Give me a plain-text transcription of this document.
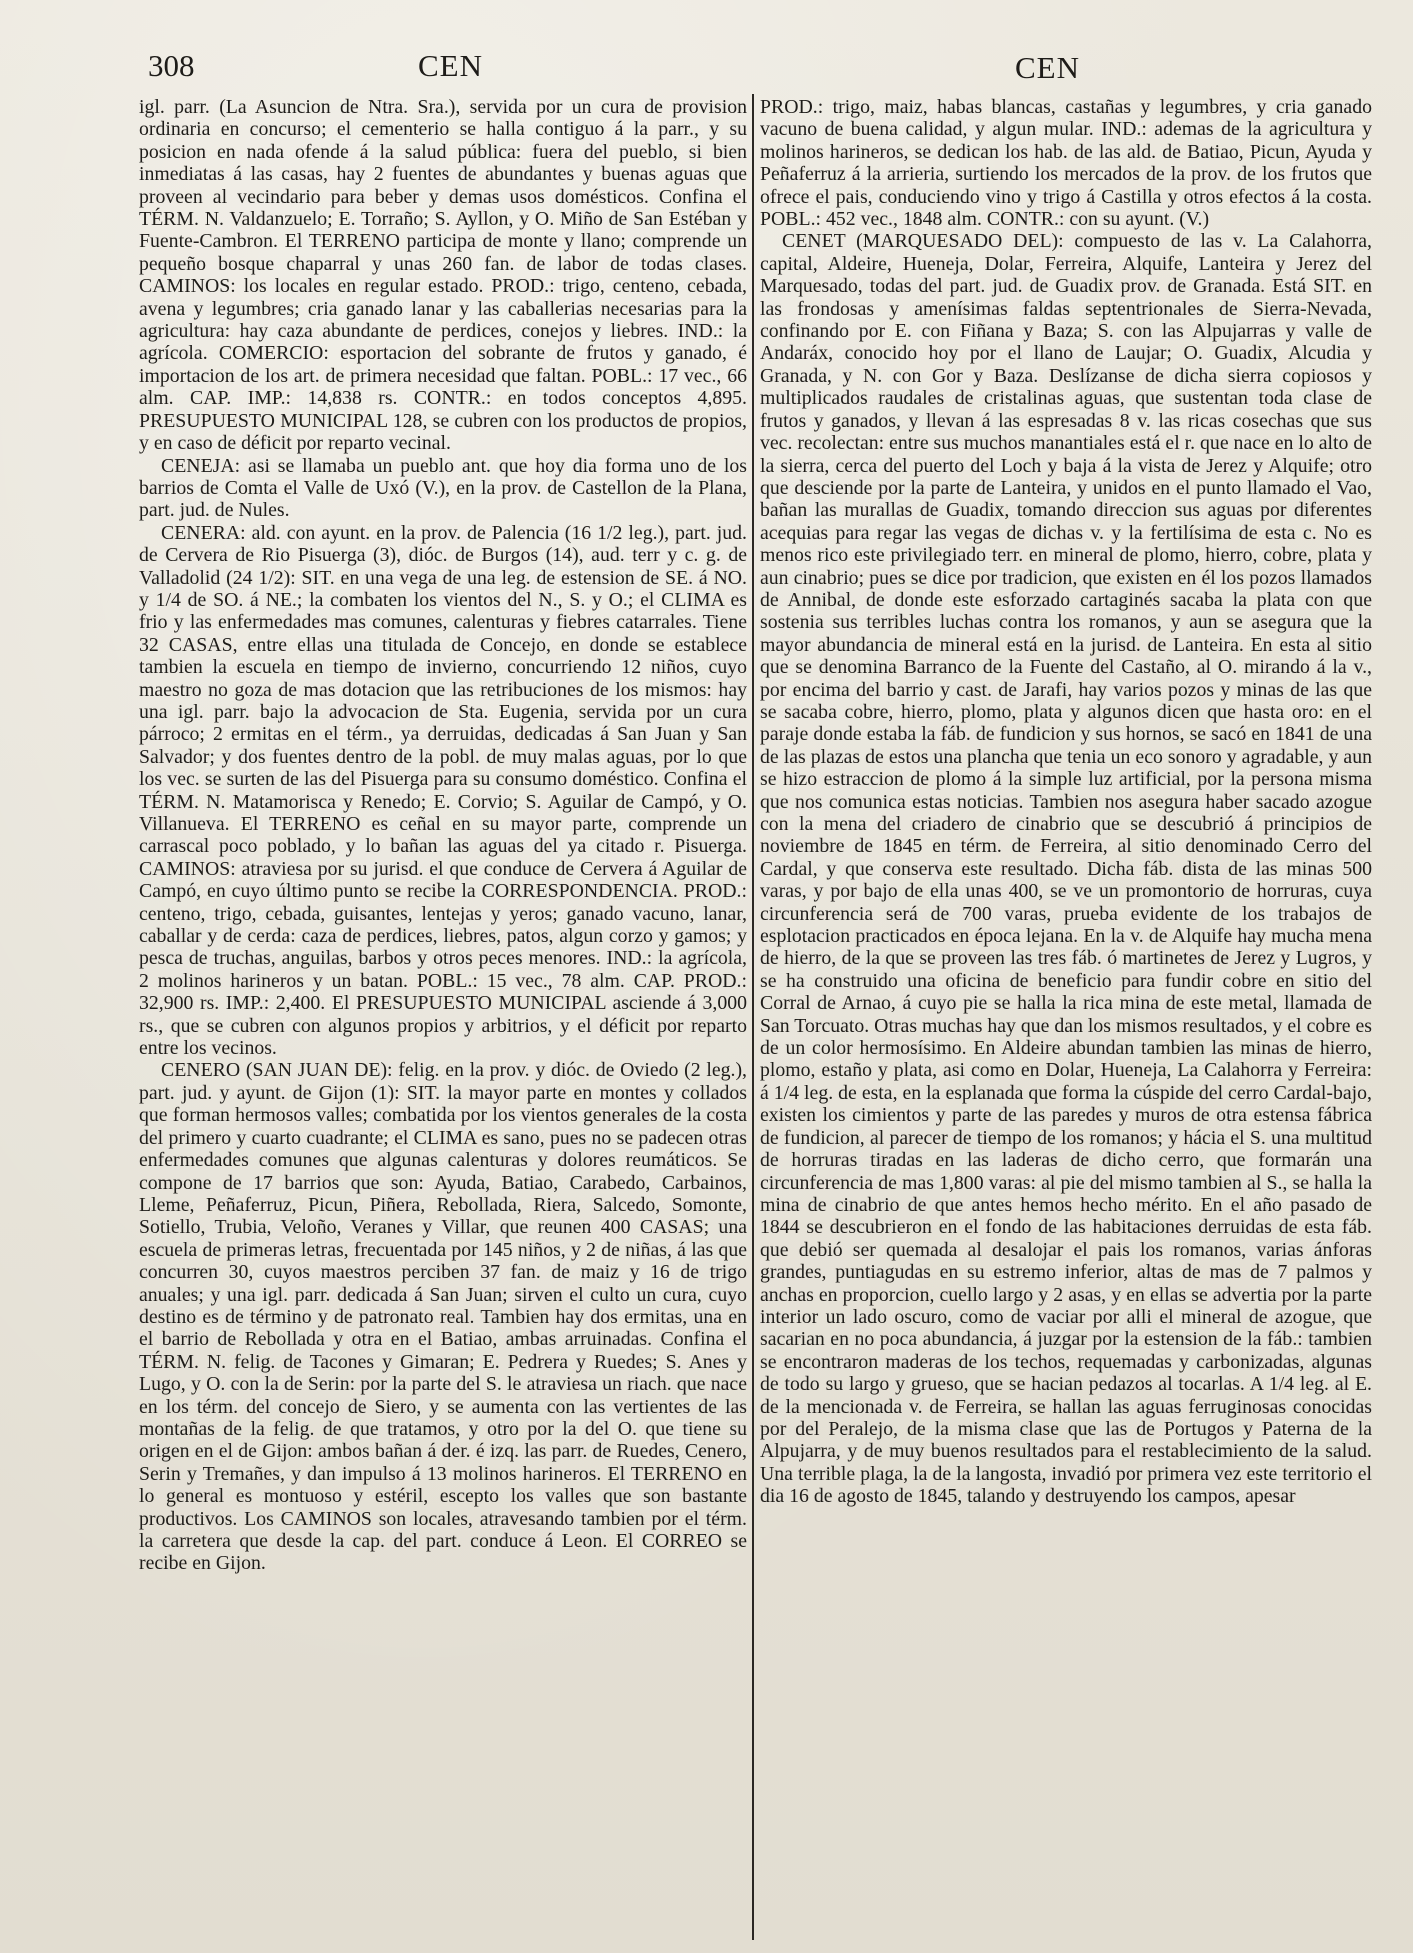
308	CEN	CEN

igl. parr. (La Asuncion de Ntra. Sra.), servida por un cura de provision ordinaria en concurso; el cementerio se halla contiguo á la parr., y su posicion en nada ofende á la salud pública: fuera del pueblo, si bien inmediatas á las casas, hay 2 fuentes de abundantes y buenas aguas que proveen al vecindario para beber y demas usos domésticos. Confina el TÉRM. N. Valdanzuelo; E. Torraño; S. Ayllon, y O. Miño de San Estéban y Fuente-Cambron. El TERRENO participa de monte y llano; comprende un pequeño bosque chaparral y unas 260 fan. de labor de todas clases. CAMINOS: los locales en regular estado. PROD.: trigo, centeno, cebada, avena y legumbres; cria ganado lanar y las caballerias necesarias para la agricultura: hay caza abundante de perdices, conejos y liebres. IND.: la agrícola. COMERCIO: esportacion del sobrante de frutos y ganado, é importacion de los art. de primera necesidad que faltan. POBL.: 17 vec., 66 alm. CAP. IMP.: 14,838 rs. CONTR.: en todos conceptos 4,895. PRESUPUESTO MUNICIPAL 128, se cubren con los productos de propios, y en caso de déficit por reparto vecinal.

CENEJA: asi se llamaba un pueblo ant. que hoy dia forma uno de los barrios de Comta el Valle de Uxó (V.), en la prov. de Castellon de la Plana, part. jud. de Nules.

CENERA: ald. con ayunt. en la prov. de Palencia (16 1/2 leg.), part. jud. de Cervera de Rio Pisuerga (3), dióc. de Burgos (14), aud. terr y c. g. de Valladolid (24 1/2): SIT. en una vega de una leg. de estension de SE. á NO. y 1/4 de SO. á NE.; la combaten los vientos del N., S. y O.; el CLIMA es frio y las enfermedades mas comunes, calenturas y fiebres catarrales. Tiene 32 CASAS, entre ellas una titulada de Concejo, en donde se establece tambien la escuela en tiempo de invierno, concurriendo 12 niños, cuyo maestro no goza de mas dotacion que las retribuciones de los mismos: hay una igl. parr. bajo la advocacion de Sta. Eugenia, servida por un cura párroco; 2 ermitas en el térm., ya derruidas, dedicadas á San Juan y San Salvador; y dos fuentes dentro de la pobl. de muy malas aguas, por lo que los vec. se surten de las del Pisuerga para su consumo doméstico. Confina el TÉRM. N. Matamorisca y Renedo; E. Corvio; S. Aguilar de Campó, y O. Villanueva. El TERRENO es ceñal en su mayor parte, comprende un carrascal poco poblado, y lo bañan las aguas del ya citado r. Pisuerga. CAMINOS: atraviesa por su jurisd. el que conduce de Cervera á Aguilar de Campó, en cuyo último punto se recibe la CORRESPONDENCIA. PROD.: centeno, trigo, cebada, guisantes, lentejas y yeros; ganado vacuno, lanar, caballar y de cerda: caza de perdices, liebres, patos, algun corzo y gamos; y pesca de truchas, anguilas, barbos y otros peces menores. IND.: la agrícola, 2 molinos harineros y un batan. POBL.: 15 vec., 78 alm. CAP. PROD.: 32,900 rs. IMP.: 2,400. El PRESUPUESTO MUNICIPAL asciende á 3,000 rs., que se cubren con algunos propios y arbitrios, y el déficit por reparto entre los vecinos.

CENERO (SAN JUAN DE): felig. en la prov. y dióc. de Oviedo (2 leg.), part. jud. y ayunt. de Gijon (1): SIT. la mayor parte en montes y collados que forman hermosos valles; combatida por los vientos generales de la costa del primero y cuarto cuadrante; el CLIMA es sano, pues no se padecen otras enfermedades comunes que algunas calenturas y dolores reumáticos. Se compone de 17 barrios que son: Ayuda, Batiao, Carabedo, Carbainos, Lleme, Peñaferruz, Picun, Piñera, Rebollada, Riera, Salcedo, Somonte, Sotiello, Trubia, Veloño, Veranes y Villar, que reunen 400 CASAS; una escuela de primeras letras, frecuentada por 145 niños, y 2 de niñas, á las que concurren 30, cuyos maestros perciben 37 fan. de maiz y 16 de trigo anuales; y una igl. parr. dedicada á San Juan; sirven el culto un cura, cuyo destino es de término y de patronato real. Tambien hay dos ermitas, una en el barrio de Rebollada y otra en el Batiao, ambas arruinadas. Confina el TÉRM. N. felig. de Tacones y Gimaran; E. Pedrera y Ruedes; S. Anes y Lugo, y O. con la de Serin: por la parte del S. le atraviesa un riach. que nace en los térm. del concejo de Siero, y se aumenta con las vertientes de las montañas de la felig. de que tratamos, y otro por la del O. que tiene su origen en el de Gijon: ambos bañan á der. é izq. las parr. de Ruedes, Cenero, Serin y Tremañes, y dan impulso á 13 molinos harineros. El TERRENO en lo general es montuoso y estéril, escepto los valles que son bastante productivos. Los CAMINOS son locales, atravesando tambien por el térm. la carretera que desde la cap. del part. conduce á Leon. El CORREO se recibe en Gijon.

PROD.: trigo, maiz, habas blancas, castañas y legumbres, y cria ganado vacuno de buena calidad, y algun mular. IND.: ademas de la agricultura y molinos harineros, se dedican los hab. de las ald. de Batiao, Picun, Ayuda y Peñaferruz á la arrieria, surtiendo los mercados de la prov. de los frutos que ofrece el pais, conduciendo vino y trigo á Castilla y otros efectos á la costa. POBL.: 452 vec., 1848 alm. CONTR.: con su ayunt. (V.)

CENET (MARQUESADO DEL): compuesto de las v. La Calahorra, capital, Aldeire, Hueneja, Dolar, Ferreira, Alquife, Lanteira y Jerez del Marquesado, todas del part. jud. de Guadix prov. de Granada. Está SIT. en las frondosas y amenísimas faldas septentrionales de Sierra-Nevada, confinando por E. con Fiñana y Baza; S. con las Alpujarras y valle de Andaráx, conocido hoy por el llano de Laujar; O. Guadix, Alcudia y Granada, y N. con Gor y Baza. Deslízanse de dicha sierra copiosos y multiplicados raudales de cristalinas aguas, que sustentan toda clase de frutos y ganados, y llevan á las espresadas 8 v. las ricas cosechas que sus vec. recolectan: entre sus muchos manantiales está el r. que nace en lo alto de la sierra, cerca del puerto del Loch y baja á la vista de Jerez y Alquife; otro que desciende por la parte de Lanteira, y unidos en el punto llamado el Vao, bañan las murallas de Guadix, tomando direccion sus aguas por diferentes acequias para regar las vegas de dichas v. y la fertilísima de esta c. No es menos rico este privilegiado terr. en mineral de plomo, hierro, cobre, plata y aun cinabrio; pues se dice por tradicion, que existen en él los pozos llamados de Annibal, de donde este esforzado cartaginés sacaba la plata con que sostenia sus terribles luchas contra los romanos, y aun se asegura que la mayor abundancia de mineral está en la jurisd. de Lanteira. En esta al sitio que se denomina Barranco de la Fuente del Castaño, al O. mirando á la v., por encima del barrio y cast. de Jarafi, hay varios pozos y minas de las que se sacaba cobre, hierro, plomo, plata y algunos dicen que hasta oro: en el paraje donde estaba la fáb. de fundicion y sus hornos, se sacó en 1841 de una de las plazas de estos una plancha que tenia un eco sonoro y agradable, y aun se hizo estraccion de plomo á la simple luz artificial, por la persona misma que nos comunica estas noticias. Tambien nos asegura haber sacado azogue con la mena del criadero de cinabrio que se descubrió á principios de noviembre de 1845 en térm. de Ferreira, al sitio denominado Cerro del Cardal, y que conserva este resultado. Dicha fáb. dista de las minas 500 varas, y por bajo de ella unas 400, se ve un promontorio de horruras, cuya circunferencia será de 700 varas, prueba evidente de los trabajos de esplotacion practicados en época lejana. En la v. de Alquife hay mucha mena de hierro, de la que se proveen las tres fáb. ó martinetes de Jerez y Lugros, y se ha construido una oficina de beneficio para fundir cobre en sitio del Corral de Arnao, á cuyo pie se halla la rica mina de este metal, llamada de San Torcuato. Otras muchas hay que dan los mismos resultados, y el cobre es de un color hermosísimo. En Aldeire abundan tambien las minas de hierro, plomo, estaño y plata, asi como en Dolar, Hueneja, La Calahorra y Ferreira: á 1/4 leg. de esta, en la esplanada que forma la cúspide del cerro Cardal-bajo, existen los cimientos y parte de las paredes y muros de otra estensa fábrica de fundicion, al parecer de tiempo de los romanos; y hácia el S. una multitud de horruras tiradas en las laderas de dicho cerro, que formarán una circunferencia de mas 1,800 varas: al pie del mismo tambien al S., se halla la mina de cinabrio de que antes hemos hecho mérito. En el año pasado de 1844 se descubrieron en el fondo de las habitaciones derruidas de esta fáb. que debió ser quemada al desalojar el pais los romanos, varias ánforas grandes, puntiagudas en su estremo inferior, altas de mas de 7 palmos y anchas en proporcion, cuello largo y 2 asas, y en ellas se advertia por la parte interior un lado oscuro, como de vaciar por alli el mineral de azogue, que sacarian en no poca abundancia, á juzgar por la estension de la fáb.: tambien se encontraron maderas de los techos, requemadas y carbonizadas, algunas de todo su largo y grueso, que se hacian pedazos al tocarlas. A 1/4 leg. al E. de la mencionada v. de Ferreira, se hallan las aguas ferruginosas conocidas por del Peralejo, de la misma clase que las de Portugos y Paterna de la Alpujarra, y de muy buenos resultados para el restablecimiento de la salud. Una terrible plaga, la de la langosta, invadió por primera vez este territorio el dia 16 de agosto de 1845, talando y destruyendo los campos, apesar
